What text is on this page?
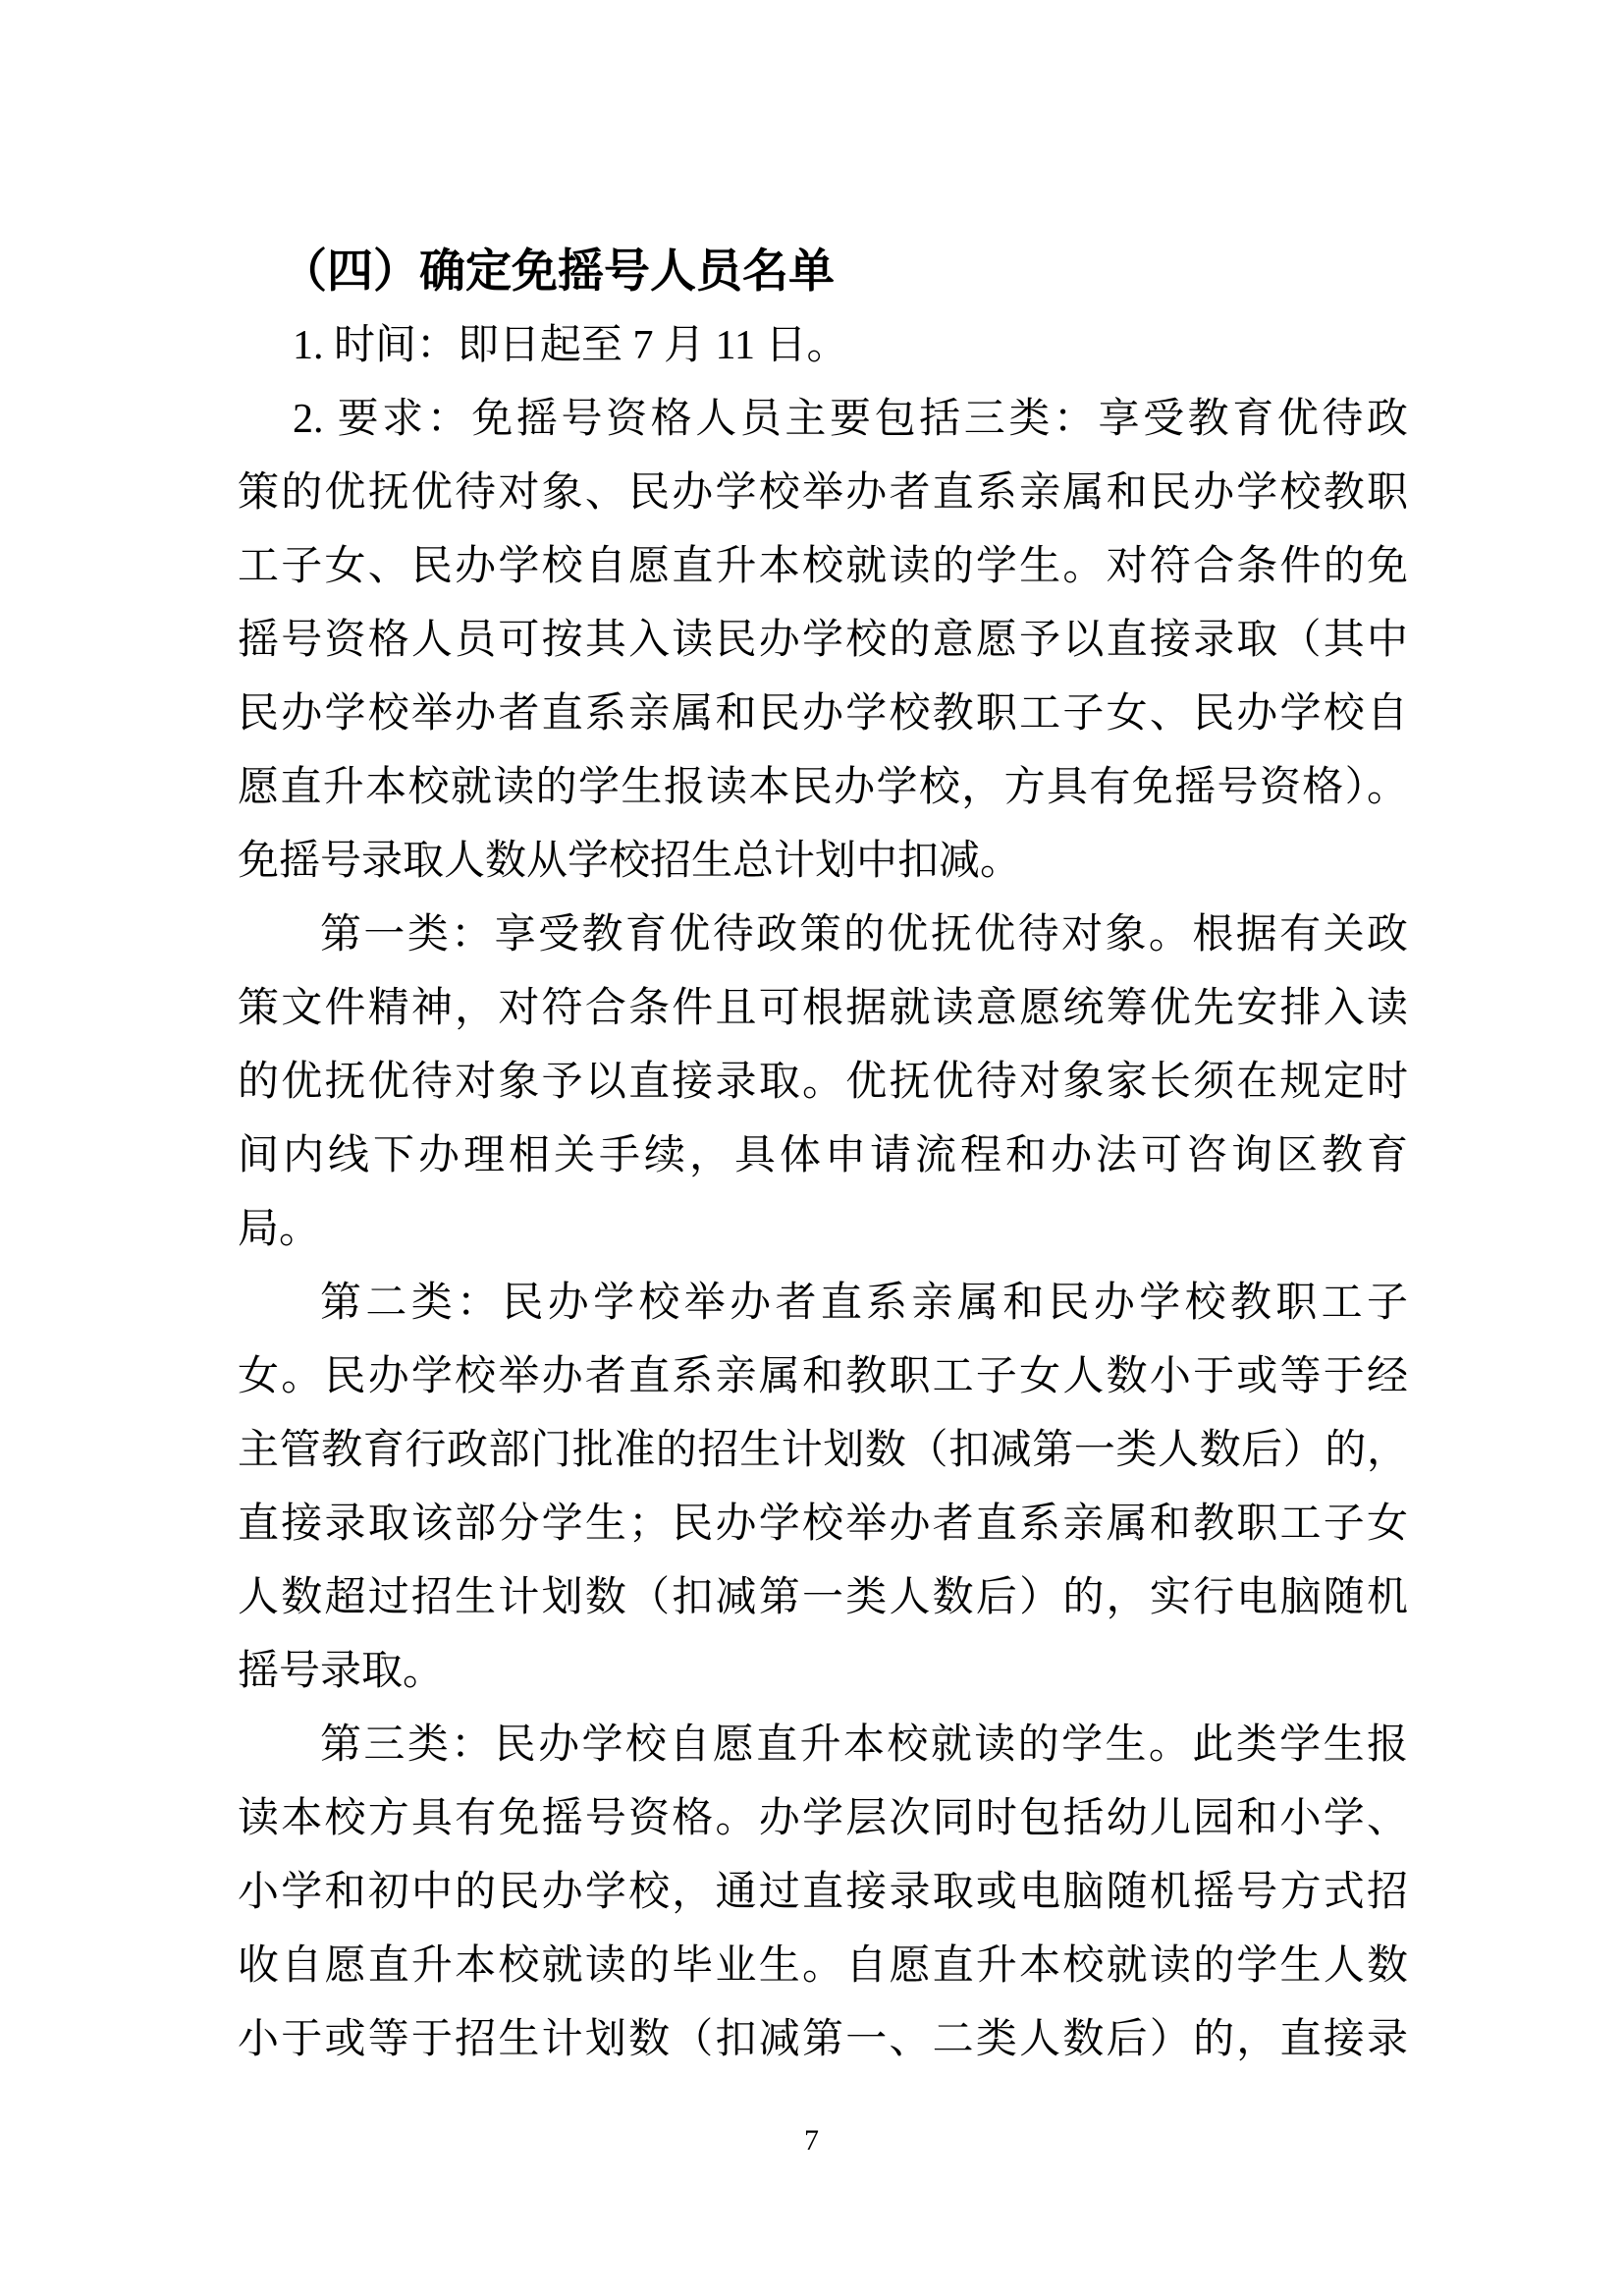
（四）确定免摇号人员名单

1. 时间：即日起至 7 月 11 日。

2. 要求：免摇号资格人员主要包括三类：享受教育优待政

策的优抚优待对象、民办学校举办者直系亲属和民办学校教职

工子女、民办学校自愿直升本校就读的学生。对符合条件的免

摇号资格人员可按其入读民办学校的意愿予以直接录取（其中

民办学校举办者直系亲属和民办学校教职工子女、民办学校自

愿直升本校就读的学生报读本民办学校，方具有免摇号资格）。

免摇号录取人数从学校招生总计划中扣减。

第一类：享受教育优待政策的优抚优待对象。根据有关政

策文件精神，对符合条件且可根据就读意愿统筹优先安排入读

的优抚优待对象予以直接录取。优抚优待对象家长须在规定时

间内线下办理相关手续，具体申请流程和办法可咨询区教育

局。

第二类：民办学校举办者直系亲属和民办学校教职工子

女。民办学校举办者直系亲属和教职工子女人数小于或等于经

主管教育行政部门批准的招生计划数（扣减第一类人数后）的，

直接录取该部分学生；民办学校举办者直系亲属和教职工子女

人数超过招生计划数（扣减第一类人数后）的，实行电脑随机

摇号录取。

第三类：民办学校自愿直升本校就读的学生。此类学生报

读本校方具有免摇号资格。办学层次同时包括幼儿园和小学、

小学和初中的民办学校，通过直接录取或电脑随机摇号方式招

收自愿直升本校就读的毕业生。自愿直升本校就读的学生人数

小于或等于招生计划数（扣减第一、二类人数后）的，直接录

7
